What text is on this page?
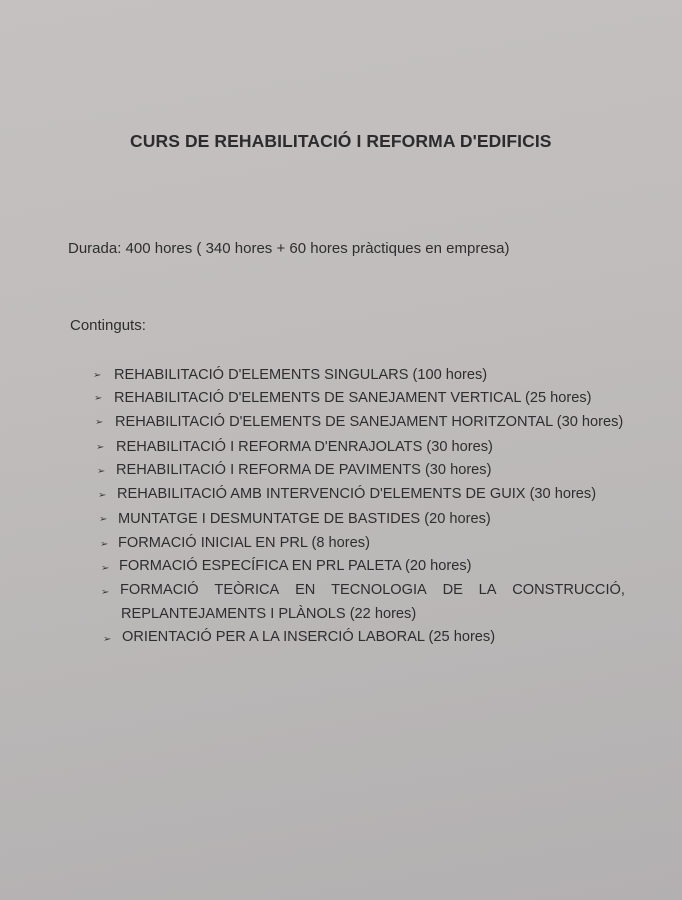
CURS DE REHABILITACIÓ I REFORMA D'EDIFICIS
Durada: 400 hores ( 340 hores + 60 hores pràctiques en empresa)
Continguts:
➢ REHABILITACIÓ D'ELEMENTS SINGULARS (100 hores)
➢ REHABILITACIÓ D'ELEMENTS DE SANEJAMENT VERTICAL (25 hores)
➢ REHABILITACIÓ D'ELEMENTS DE SANEJAMENT HORITZONTAL (30 hores)
➢ REHABILITACIÓ I REFORMA D'ENRAJOLATS (30 hores)
➢ REHABILITACIÓ I REFORMA DE PAVIMENTS (30 hores)
➢ REHABILITACIÓ AMB INTERVENCIÓ D'ELEMENTS DE GUIX (30 hores)
➢ MUNTATGE I DESMUNTATGE DE BASTIDES (20 hores)
➢ FORMACIÓ INICIAL EN PRL (8 hores)
➢ FORMACIÓ ESPECÍFICA EN PRL PALETA (20 hores)
➢ FORMACIÓ TEÒRICA EN TECNOLOGIA DE LA CONSTRUCCIÓ,
REPLANTEJAMENTS I PLÀNOLS (22 hores)
➢ ORIENTACIÓ PER A LA INSERCIÓ LABORAL (25 hores)
